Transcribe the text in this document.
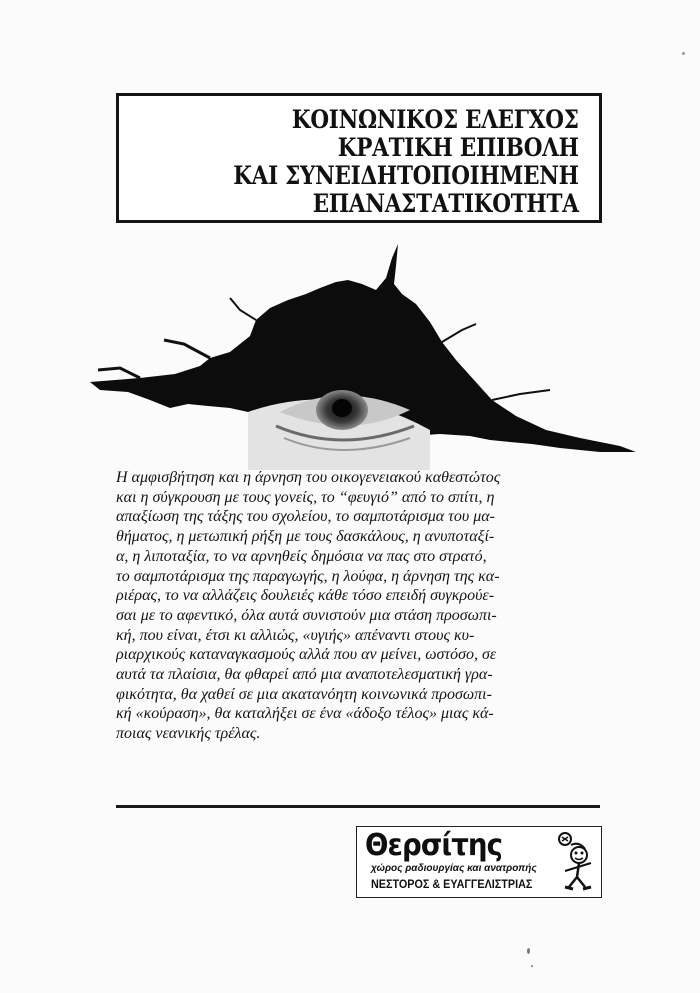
ΚΟΙΝΩΝΙΚΟΣ ΕΛΕΓΧΟΣ
ΚΡΑΤΙΚΗ ΕΠΙΒΟΛΗ
ΚΑΙ ΣΥΝΕΙΔΗΤΟΠΟΙΗΜΕΝΗ
ΕΠΑΝΑΣΤΑΤΙΚΟΤΗΤΑ
Η αμφισβήτηση και η άρνηση του οικογενειακού καθεστώτος
και η σύγκρουση με τους γονείς, το “φευγιό” από το σπίτι, η
απαξίωση της τάξης του σχολείου, το σαμποτάρισμα του μα-
θήματος, η μετωπική ρήξη με τους δασκάλους, η ανυποταξί-
α, η λιποταξία, το να αρνηθείς δημόσια να πας στο στρατό,
το σαμποτάρισμα της παραγωγής, η λούφα, η άρνηση της κα-
ριέρας, το να αλλάζεις δουλειές κάθε τόσο επειδή συγκρούε-
σαι με το αφεντικό, όλα αυτά συνιστούν μια στάση προσωπι-
κή, που είναι, έτσι κι αλλιώς, «υγιής» απέναντι στους κυ-
ριαρχικούς καταναγκασμούς αλλά που αν μείνει, ωστόσο, σε
αυτά τα πλαίσια, θα φθαρεί από μια αναποτελεσματική γρα-
φικότητα, θα χαθεί σε μια ακατανόητη κοινωνικά προσωπι-
κή «κούραση», θα καταλήξει σε ένα «άδοξο τέλος» μιας κά-
ποιας νεανικής τρέλας.
Θερσίτης
χώρος ραδιουργίας και ανατροπής
ΝΕΣΤΟΡΟΣ & ΕΥΑΓΓΕΛΙΣΤΡΙΑΣ
